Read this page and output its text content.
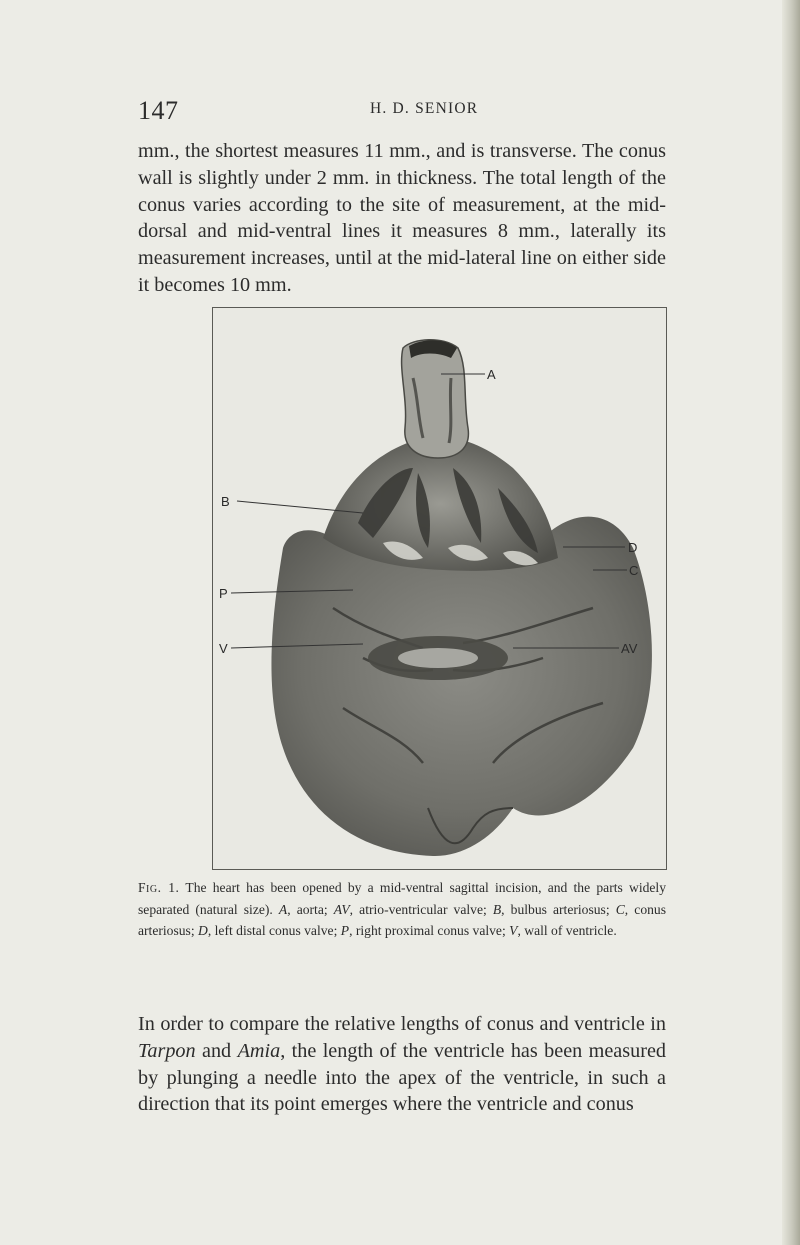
147	H. D. SENIOR

mm., the shortest measures 11 mm., and is transverse. The conus wall is slightly under 2 mm. in thickness. The total length of the conus varies according to the site of measurement, at the mid-dorsal and mid-ventral lines it measures 8 mm., laterally its measurement increases, until at the mid-lateral line on either side it becomes 10 mm.

A
B
D
C
P
V	AV

Fig. 1. The heart has been opened by a mid-ventral sagittal incision, and the parts widely separated (natural size). A, aorta; AV, atrio-ventricular valve; B, bulbus arteriosus; C, conus arteriosus; D, left distal conus valve; P, right proximal conus valve; V, wall of ventricle.

In order to compare the relative lengths of conus and ventricle in Tarpon and Amia, the length of the ventricle has been measured by plunging a needle into the apex of the ventricle, in such a direction that its point emerges where the ventricle and conus
